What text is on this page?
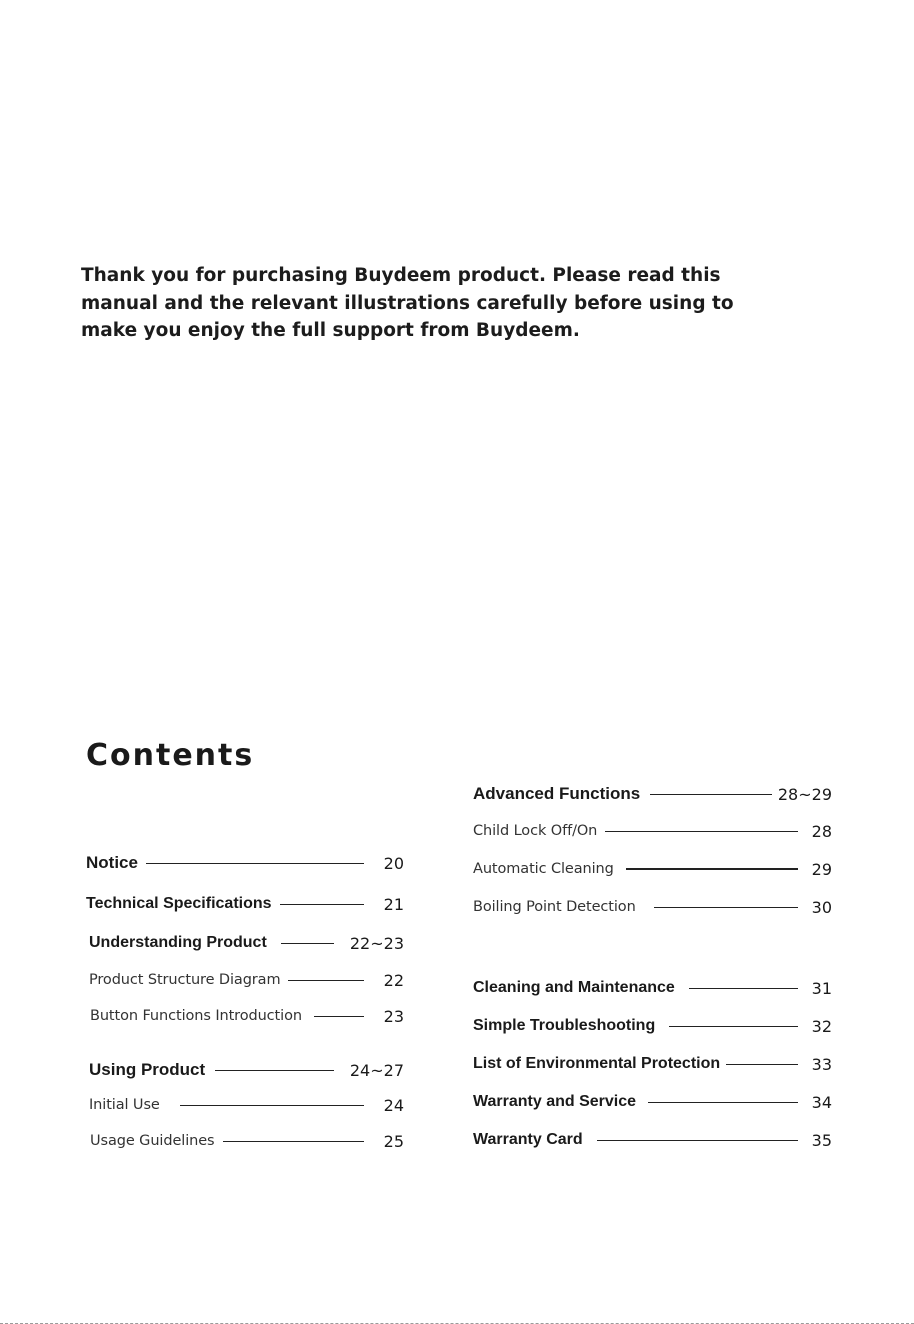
Thank you for purchasing Buydeem product. Please read this
manual and the relevant illustrations carefully before using to
make you enjoy the full support from Buydeem.

Contents
Notice	20
Technical Specifications	21
Understanding Product	22~23
Product Structure Diagram	22
Button Functions Introduction	23
Using Product	24~27
Initial Use	24
Usage Guidelines	25
Advanced Functions	28~29
Child Lock Off/On	28
Automatic Cleaning	29
Boiling Point Detection	30
Cleaning and Maintenance	31
Simple Troubleshooting	32
List of Environmental Protection	33
Warranty and Service	34
Warranty Card	35
